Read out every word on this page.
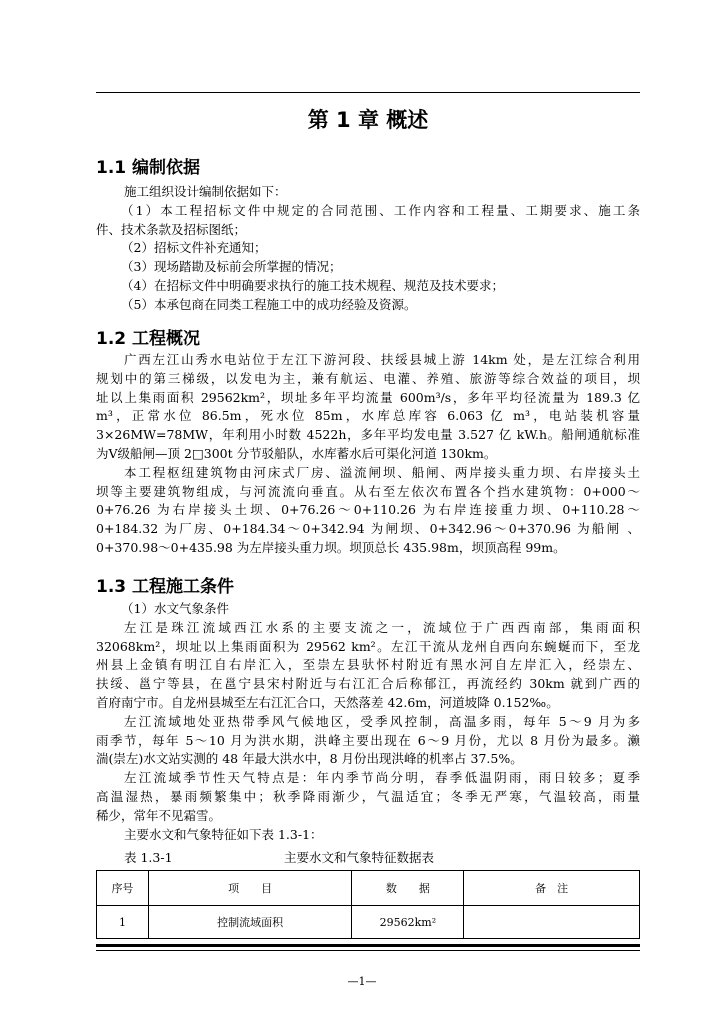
第 1 章 概述
1.1 编制依据
施工组织设计编制依据如下：
（1）本工程招标文件中规定的合同范围、工作内容和工程量、工期要求、施工条
件、技术条款及招标图纸；
（2）招标文件补充通知；
（3）现场踏勘及标前会所掌握的情况；
（4）在招标文件中明确要求执行的施工技术规程、规范及技术要求；
（5）本承包商在同类工程施工中的成功经验及资源。
1.2 工程概况
广西左江山秀水电站位于左江下游河段、扶绥县城上游 14km 处，是左江综合利用
规划中的第三梯级，以发电为主，兼有航运、电灌、养殖、旅游等综合效益的项目，坝
址以上集雨面积 29562km²，坝址多年平均流量 600m³/s，多年平均径流量为 189.3 亿
m³，正常水位 86.5m，死水位 85m，水库总库容 6.063 亿 m³，电站装机容量
3×26MW=78MW，年利用小时数 4522h，多年平均发电量 3.527 亿 kW.h。船闸通航标准
为Ⅴ级船闸—顶 2□300t 分节驳船队，水库蓄水后可渠化河道 130km。
本工程枢纽建筑物由河床式厂房、溢流闸坝、船闸、两岸接头重力坝、右岸接头土
坝等主要建筑物组成，与河流流向垂直。从右至左依次布置各个挡水建筑物：0+000～
0+76.26 为右岸接头土坝、0+76.26～0+110.26 为右岸连接重力坝、0+110.28～
0+184.32 为厂房、0+184.34～0+342.94 为闸坝、0+342.96～0+370.96 为船闸 、
0+370.98～0+435.98 为左岸接头重力坝。坝顶总长 435.98m，坝顶高程 99m。
1.3 工程施工条件
（1）水文气象条件
左江是珠江流域西江水系的主要支流之一，流域位于广西西南部，集雨面积
32068km²，坝址以上集雨面积为 29562 km²。左江干流从龙州自西向东蜿蜒而下，至龙
州县上金镇有明江自右岸汇入，至崇左县驮怀村附近有黑水河自左岸汇入，经崇左、
扶绥、邕宁等县，在邕宁县宋村附近与右江汇合后称郁江，再流经约 30km 就到广西的
首府南宁市。自龙州县城至左右江汇合口，天然落差 42.6m，河道坡降 0.152‰。
左江流域地处亚热带季风气候地区，受季风控制，高温多雨，每年 5～9 月为多
雨季节，每年 5～10 月为洪水期，洪峰主要出现在 6～9 月份，尤以 8 月份为最多。濑
湍(崇左)水文站实测的 48 年最大洪水中，8 月份出现洪峰的机率占 37.5%。
左江流域季节性天气特点是：年内季节尚分明，春季低温阴雨，雨日较多；夏季
高温湿热，暴雨频繁集中；秋季降雨渐少，气温适宜；冬季无严寒，气温较高，雨量
稀少，常年不见霜雪。
主要水文和气象特征如下表 1.3-1：
表 1.3-1	主要水文和气象特征数据表
序号	项　　目	数　　据	备　注
1	控制流域面积	29562km²	
—1—
